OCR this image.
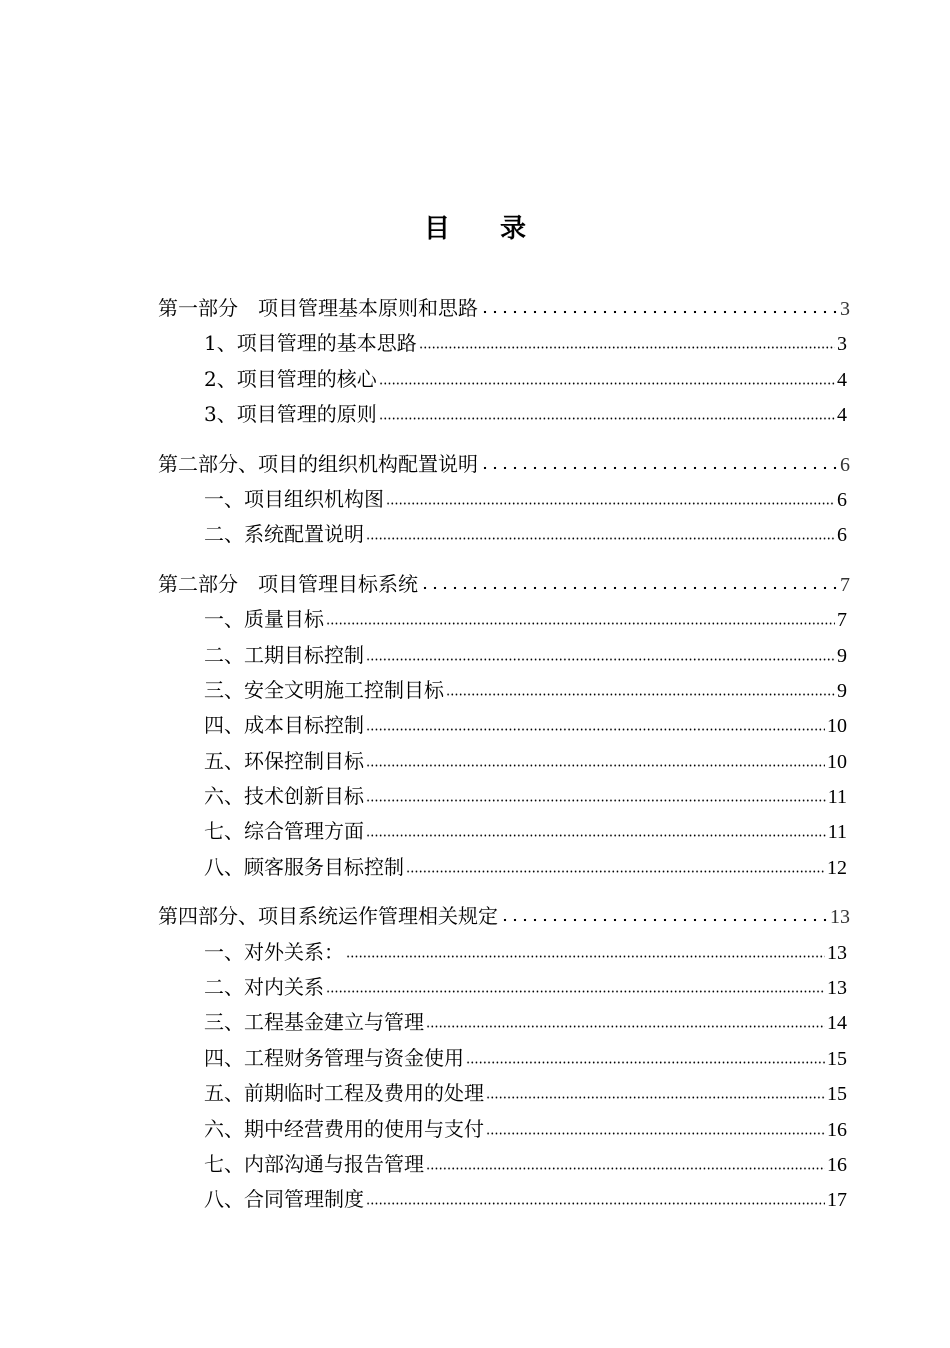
目 录
第一部分　项目管理基本原则和思路	3
1、项目管理的基本思路	3
2、项目管理的核心	4
3、项目管理的原则	4
第二部分、项目的组织机构配置说明	6
一、项目组织机构图	6
二、系统配置说明	6
第二部分　项目管理目标系统	7
一、质量目标	7
二、工期目标控制	9
三、安全文明施工控制目标	9
四、成本目标控制	10
五、环保控制目标	10
六、技术创新目标	11
七、综合管理方面	11
八、顾客服务目标控制	12
第四部分、项目系统运作管理相关规定	13
一、对外关系：	13
二、对内关系	13
三、工程基金建立与管理	14
四、工程财务管理与资金使用	15
五、前期临时工程及费用的处理	15
六、期中经营费用的使用与支付	16
七、内部沟通与报告管理	16
八、合同管理制度	17
